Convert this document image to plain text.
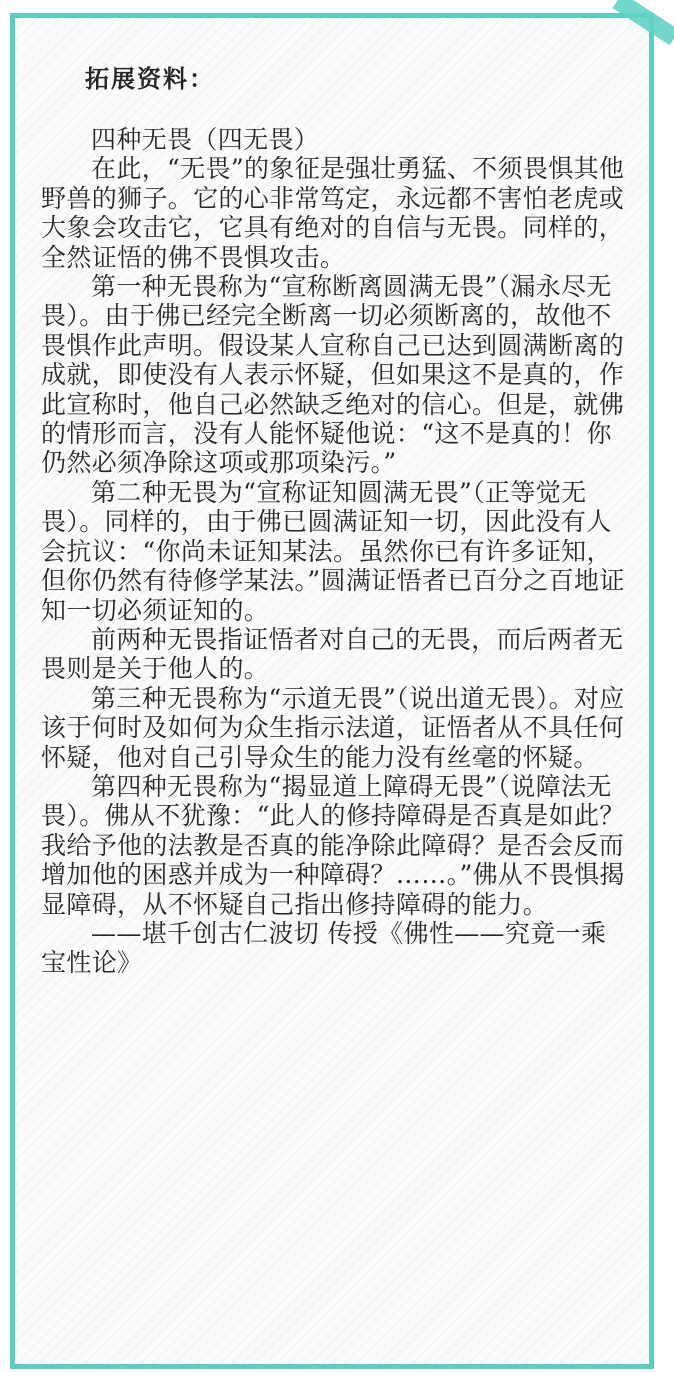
拓展资料：

四种无畏（四无畏）

在此，“无畏”的象征是强壮勇猛、不须畏惧其他野兽的狮子。它的心非常笃定，永远都不害怕老虎或大象会攻击它，它具有绝对的自信与无畏。同样的，全然证悟的佛不畏惧攻击。

第一种无畏称为“宣称断离圆满无畏”（漏永尽无畏）。由于佛已经完全断离一切必须断离的，故他不畏惧作此声明。假设某人宣称自己已达到圆满断离的成就，即使没有人表示怀疑，但如果这不是真的，作此宣称时，他自己必然缺乏绝对的信心。但是，就佛的情形而言，没有人能怀疑他说：“这不是真的！你仍然必须净除这项或那项染污。”

第二种无畏为“宣称证知圆满无畏”（正等觉无畏）。同样的，由于佛已圆满证知一切，因此没有人会抗议：“你尚未证知某法。虽然你已有许多证知，但你仍然有待修学某法。”圆满证悟者已百分之百地证知一切必须证知的。

前两种无畏指证悟者对自己的无畏，而后两者无畏则是关于他人的。

第三种无畏称为“示道无畏”（说出道无畏）。对应该于何时及如何为众生指示法道，证悟者从不具任何怀疑，他对自己引导众生的能力没有丝毫的怀疑。

第四种无畏称为“揭显道上障碍无畏”（说障法无畏）。佛从不犹豫：“此人的修持障碍是否真是如此？我给予他的法教是否真的能净除此障碍？是否会反而增加他的困惑并成为一种障碍？……。”佛从不畏惧揭显障碍，从不怀疑自己指出修持障碍的能力。

——堪千创古仁波切 传授《佛性——究竟一乘宝性论》
